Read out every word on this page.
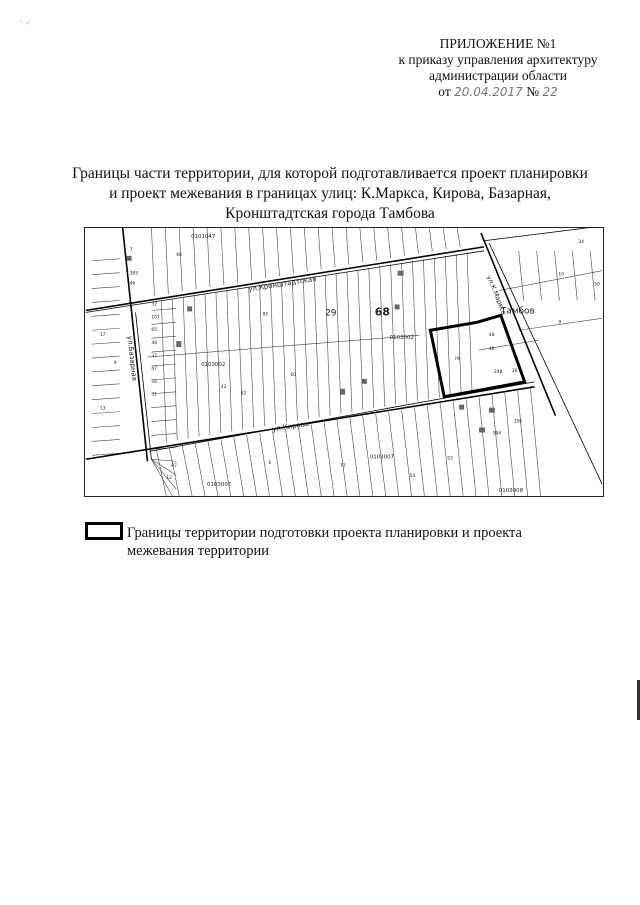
· ⸝
ПРИЛОЖЕНИЕ №1
к приказу управления архитектуру
администрации области
от 20.04.2017 № 22
Границы части территории, для которой подготавливается проект планировки и проект межевания в границах улиц: К.Маркса, Кирова, Базарная, Кронштадтская города Тамбова
ул.Кронштадтская
ул.Кирова
ул.Базарная
ул.К.Маркса
Тамбов
0101047
0103002
0103002
0103007
0103007
0103008
29	68
7
383
46
66
32
101
65
46
37
47
56
31
13
17
9
85
79
48
48
248 36
60
9
10
34
50
100
984
77
54
12
97
6
53
42
82
Границы территории подготовки проекта планировки и проекта межевания территории
